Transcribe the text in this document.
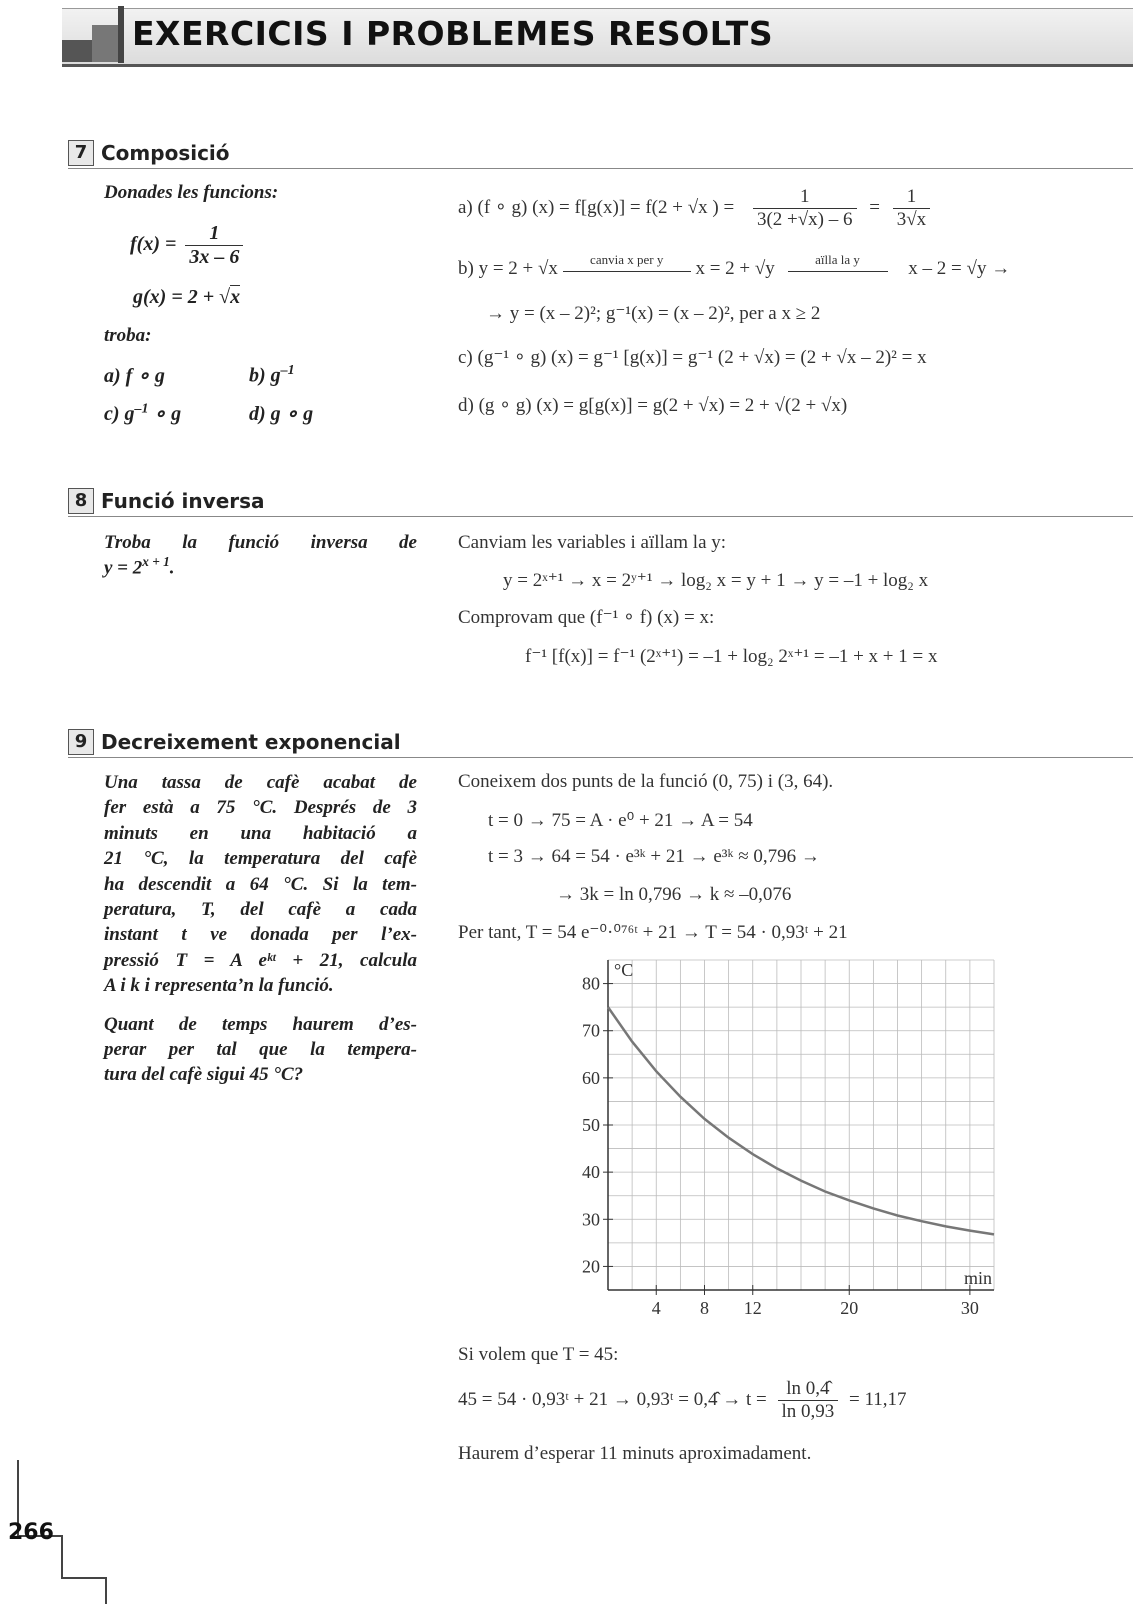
EXERCICIS I PROBLEMES RESOLTS
7 Composició
Donades les funcions:
$f(x) = \frac{1}{3x - 6}$
g(x) = 2 + √x
troba:
a) f ∘ g	b) $g^{-1}$
c) $g^{-1}$ ∘ g	d) g ∘ g
a) (f ∘ g) (x) = f[g(x)] = f(2 + √x ) = $\frac{1}{3(2 +√x) - 6} = \frac{1}{3√x}$
b) y = 2 + √x canvia x per y x = 2 + √y	aïlla la y	x – 2 = √y →
→ y = (x – 2)²; g⁻¹(x) = (x – 2)², per a x ≥ 2
c) (g⁻¹ ∘ g) (x) = g⁻¹ [g(x)] = g⁻¹ (2 + √x) = (2 + √x – 2)² = x
d) (g ∘ g) (x) = g[g(x)] = g(2 + √x) = 2 + √(2 + √x)
8 Funció inversa

Troba la funció inversa de

$y = 2^{x + 1}$.

Canviam les variables i aïllam la y:
y = 2ˣ⁺¹ → x = 2ʸ⁺¹ → log₂ x = y + 1 → y = –1 + log₂ x
Comprovam que (f⁻¹ ∘ f) (x) = x:
f⁻¹ [f(x)] = f⁻¹ (2ˣ⁺¹) = –1 + log₂ 2ˣ⁺¹ = –1 + x + 1 = x
9 Decreixement exponencial
Una tassa de cafè acabat de
fer està a 75 °C. Després de 3
minuts en una habitació a
21 °C, la temperatura del cafè
ha descendit a 64 °C. Si la tem-
peratura, T, del cafè a cada
instant t ve donada per l’ex-
pressió T = A eᵏᵗ + 21, calcula
A i k i representa’n la funció.
Quant de temps haurem d’es-
perar per tal que la tempera-
tura del cafè sigui 45 °C?
Coneixem dos punts de la funció (0, 75) i (3, 64).
t = 0 → 75 = A · e⁰ + 21 → A = 54
t = 3 → 64 = 54 · e³ᵏ + 21 → e³ᵏ ≈ 0,796 →
→ 3k = ln 0,796 → k ≈ –0,076
Per tant, T = 54 e⁻⁰·⁰⁷⁶ᵗ + 21 → T = 54 · 0,93ᵗ + 21
20
30
40
50
60
70
80
4 8 12	20	30
°C
min
Si volem que T = 45:
45 = 54 · 0,93ᵗ + 21 → 0,93ᵗ = 0,4̂ → $t = \frac{\ln 0,4̂}{\ln 0,93} = 11,17$
Haurem d’esperar 11 minuts aproximadament.
266
